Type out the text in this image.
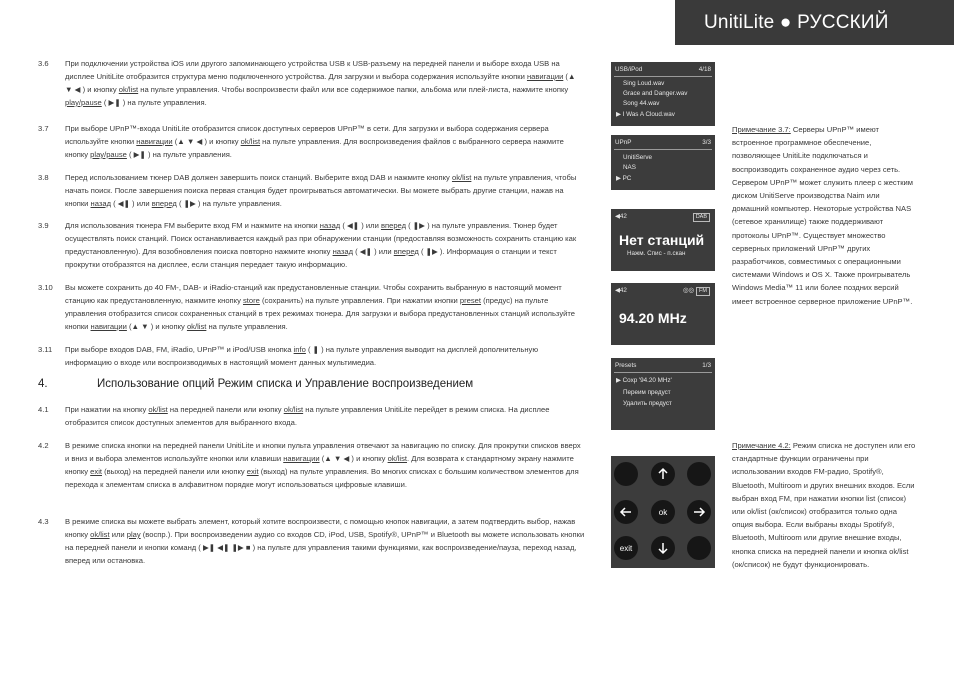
UnitiLite ● РУССКИЙ
3.6 При подключении устройства iOS или другого запоминающего устройства USB к USB-разъему на передней панели и выборе входа USB на дисплее UnitiLite отобразится структура меню подключенного устройства. Для загрузки и выбора содержания используйте кнопки навигации (▲ ▼ ◀ ) и кнопку ok/list на пульте управления. Чтобы воспроизвести файл или все содержимое папки, альбома или плей-листа, нажмите кнопку play/pause ( ▶❚ ) на пульте управления.
3.7 При выборе UPnP™-входа UnitiLite отобразится список доступных серверов UPnP™ в сети. Для загрузки и выбора содержания сервера используйте кнопки навигации (▲ ▼ ◀ ) и кнопку ok/list на пульте управления. Для воспроизведения файлов с выбранного сервера нажмите кнопку play/pause ( ▶❚ ) на пульте управления.
3.8 Перед использованием тюнер DAB должен завершить поиск станций. Выберите вход DAB и нажмите кнопку ok/list на пульте управления, чтобы начать поиск. После завершения поиска первая станция будет проигрываться автоматически. Вы можете выбрать другие станции, нажав на кнопки назад ( ◀❚ ) или вперед ( ❚▶ ) на пульте управления.
3.9 Для использования тюнера FM выберите вход FM и нажмите на кнопки назад ( ◀❚ ) или вперед ( ❚▶ ) на пульте управления. Тюнер будет осуществлять поиск станций. Поиск останавливается каждый раз при обнаружении станции (предоставляя возможность сохранить станцию как предустановленную). Для возобновления поиска повторно нажмите кнопку назад ( ◀❚ ) или вперед ( ❚▶ ). Информация о станции и текст прокрутки отобразятся на дисплее, если станция передает такую информацию.
3.10 Вы можете сохранить до 40 FM-, DAB- и iRadio-станций как предустановленные станции. Чтобы сохранить выбранную в настоящий момент станцию как предустановленную, нажмите кнопку store (сохранить) на пульте управления. При нажатии кнопки preset (предус) на пульте управления отобразится список сохраненных станций в трех режимах тюнера. Для загрузки и выбора предустановленных станций используйте кнопки навигации (▲ ▼ ) и кнопку ok/list на пульте управления.
3.11 При выборе входов DAB, FM, iRadio, UPnP™ и iPod/USB кнопка info ( ❚ ) на пульте управления выводит на дисплей дополнительную информацию о входе или воспроизводимых в настоящий момент данных мультимедиа.
4.	Использование опций Режим списка и Управление воспроизведением
4.1 При нажатии на кнопку ok/list на передней панели или кнопку ok/list на пульте управления UnitiLite перейдет в режим списка. На дисплее отобразится список доступных элементов для выбранного входа.
4.2 В режиме списка кнопки на передней панели UnitiLite и кнопки пульта управления отвечают за навигацию по списку. Для прокрутки списков вверх и вниз и выбора элементов используйте кнопки или клавиши навигации (▲ ▼ ◀ ) и кнопку ok/list. Для возврата к стандартному экрану нажмите кнопку exit (выход) на передней панели или кнопку exit (выход) на пульте управления. Во многих списках с большим количеством элементов для перехода к элементам списка в алфавитном порядке могут использоваться цифровые клавиши.
4.3 В режиме списка вы можете выбрать элемент, который хотите воспроизвести, с помощью кнопок навигации, а затем подтвердить выбор, нажав кнопку ok/list или play (воспр.). При воспроизведении аудио со входов CD, iPod, USB, Spotify®, UPnP™ и Bluetooth вы можете использовать кнопки на передней панели и кнопки команд ( ▶❚ ◀❚ ❚▶ ■ ) на пульте для управления такими функциями, как воспроизведение/пауза, переход назад, вперед или остановка.
USB/iPod	4/18
Sing Loud.wav
Grace and Danger.wav
Song 44.wav
▶ I Was A Cloud.wav
UPnP	3/3
UnitiServe
NAS
▶ PC
◀42	DAB
Нет станций
Нажм. Спис - п.скан
◀42	◎◎ FM
94.20 MHz
Presets	1/3
▶ Сохр '94.20 MHz'
Переим предуст
Удалить предуст
ok
exit
Примечание 3.7: Серверы UPnP™ имеют встроенное программное обеспечение, позволяющее UnitiLite подключаться и воспроизводить сохраненное аудио через сеть. Сервером UPnP™ может служить плеер с жестким диском UnitiServe производства Naim или домашний компьютер. Некоторые устройства NAS (сетевое хранилище) также поддерживают протоколы UPnP™. Существует множество серверных приложений UPnP™ других разработчиков, совместимых с операционными системами Windows и OS X. Также проигрыватель Windows Media™ 11 или более поздних версий имеет встроенное серверное приложение UPnP™.
Примечание 4.2: Режим списка не доступен или его стандартные функции ограничены при использовании входов FM-радио, Spotify®, Bluetooth, Multiroom и других внешних входов. Если выбран вход FM, при нажатии кнопки list (список) или ok/list (ок/список) отобразится только одна опция выбора. Если выбраны входы Spotify®, Bluetooth, Multiroom или другие внешние входы, кнопка списка на передней панели и кнопка ok/list (ок/список) не будут функционировать.
